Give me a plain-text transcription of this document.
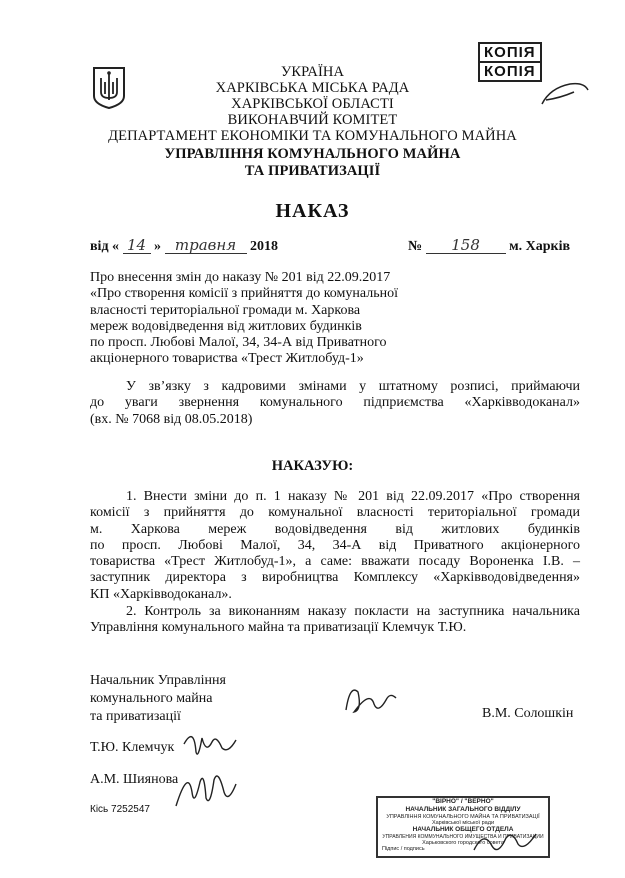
УКРАЇНА
ХАРКІВСЬКА МІСЬКА РАДА
ХАРКІВСЬКОЇ ОБЛАСТІ
ВИКОНАВЧИЙ КОМІТЕТ
ДЕПАРТАМЕНТ ЕКОНОМІКИ ТА КОМУНАЛЬНОГО МАЙНА
УПРАВЛІННЯ КОМУНАЛЬНОГО МАЙНА
ТА ПРИВАТИЗАЦІЇ
КОПІЯ
КОПІЯ
НАКАЗ
від « 14 » травня 2018	№ 158 м. Харків
Про внесення змін до наказу № 201 від 22.09.2017
«Про створення комісії з прийняття до комунальної
власності територіальної громади м. Харкова
мереж водовідведення від житлових будинків
по просп. Любові Малої, 34, 34-А від Приватного
акціонерного товариства «Трест Житлобуд-1»
У зв’язку з кадровими змінами у штатному розписі, приймаючи
до уваги звернення комунального підприємства «Харківводоканал»
(вх. № 7068 від 08.05.2018)
НАКАЗУЮ:
1. Внести зміни до п. 1 наказу № 201 від 22.09.2017 «Про створення
комісії з прийняття до комунальної власності територіальної громади
м. Харкова мереж водовідведення від житлових будинків
по просп. Любові Малої, 34, 34-А від Приватного акціонерного
товариства «Трест Житлобуд-1», а саме: вважати посаду Вороненка І.В. –
заступник директора з виробництва Комплексу «Харківводовідведення»
КП «Харківводоканал».
2. Контроль за виконанням наказу покласти на заступника начальника
Управління комунального майна та приватизації Клемчук Т.Ю.
Начальник Управління
комунального майна
та приватизації	В.М. Солошкін
Т.Ю. Клемчук
А.М. Шиянова
Кісь 7252547
"ВІРНО" / "ВЕРНО"
НАЧАЛЬНИК ЗАГАЛЬНОГО ВІДДІЛУ
УПРАВЛІННЯ КОМУНАЛЬНОГО МАЙНА ТА ПРИВАТИЗАЦІЇ
Харківської міської ради
НАЧАЛЬНИК ОБЩЕГО ОТДЕЛА
УПРАВЛЕНИЯ КОММУНАЛЬНОГО ИМУЩЕСТВА И ПРИВАТИЗАЦИИ
Харьковского городского совета
Підпис / подпись
